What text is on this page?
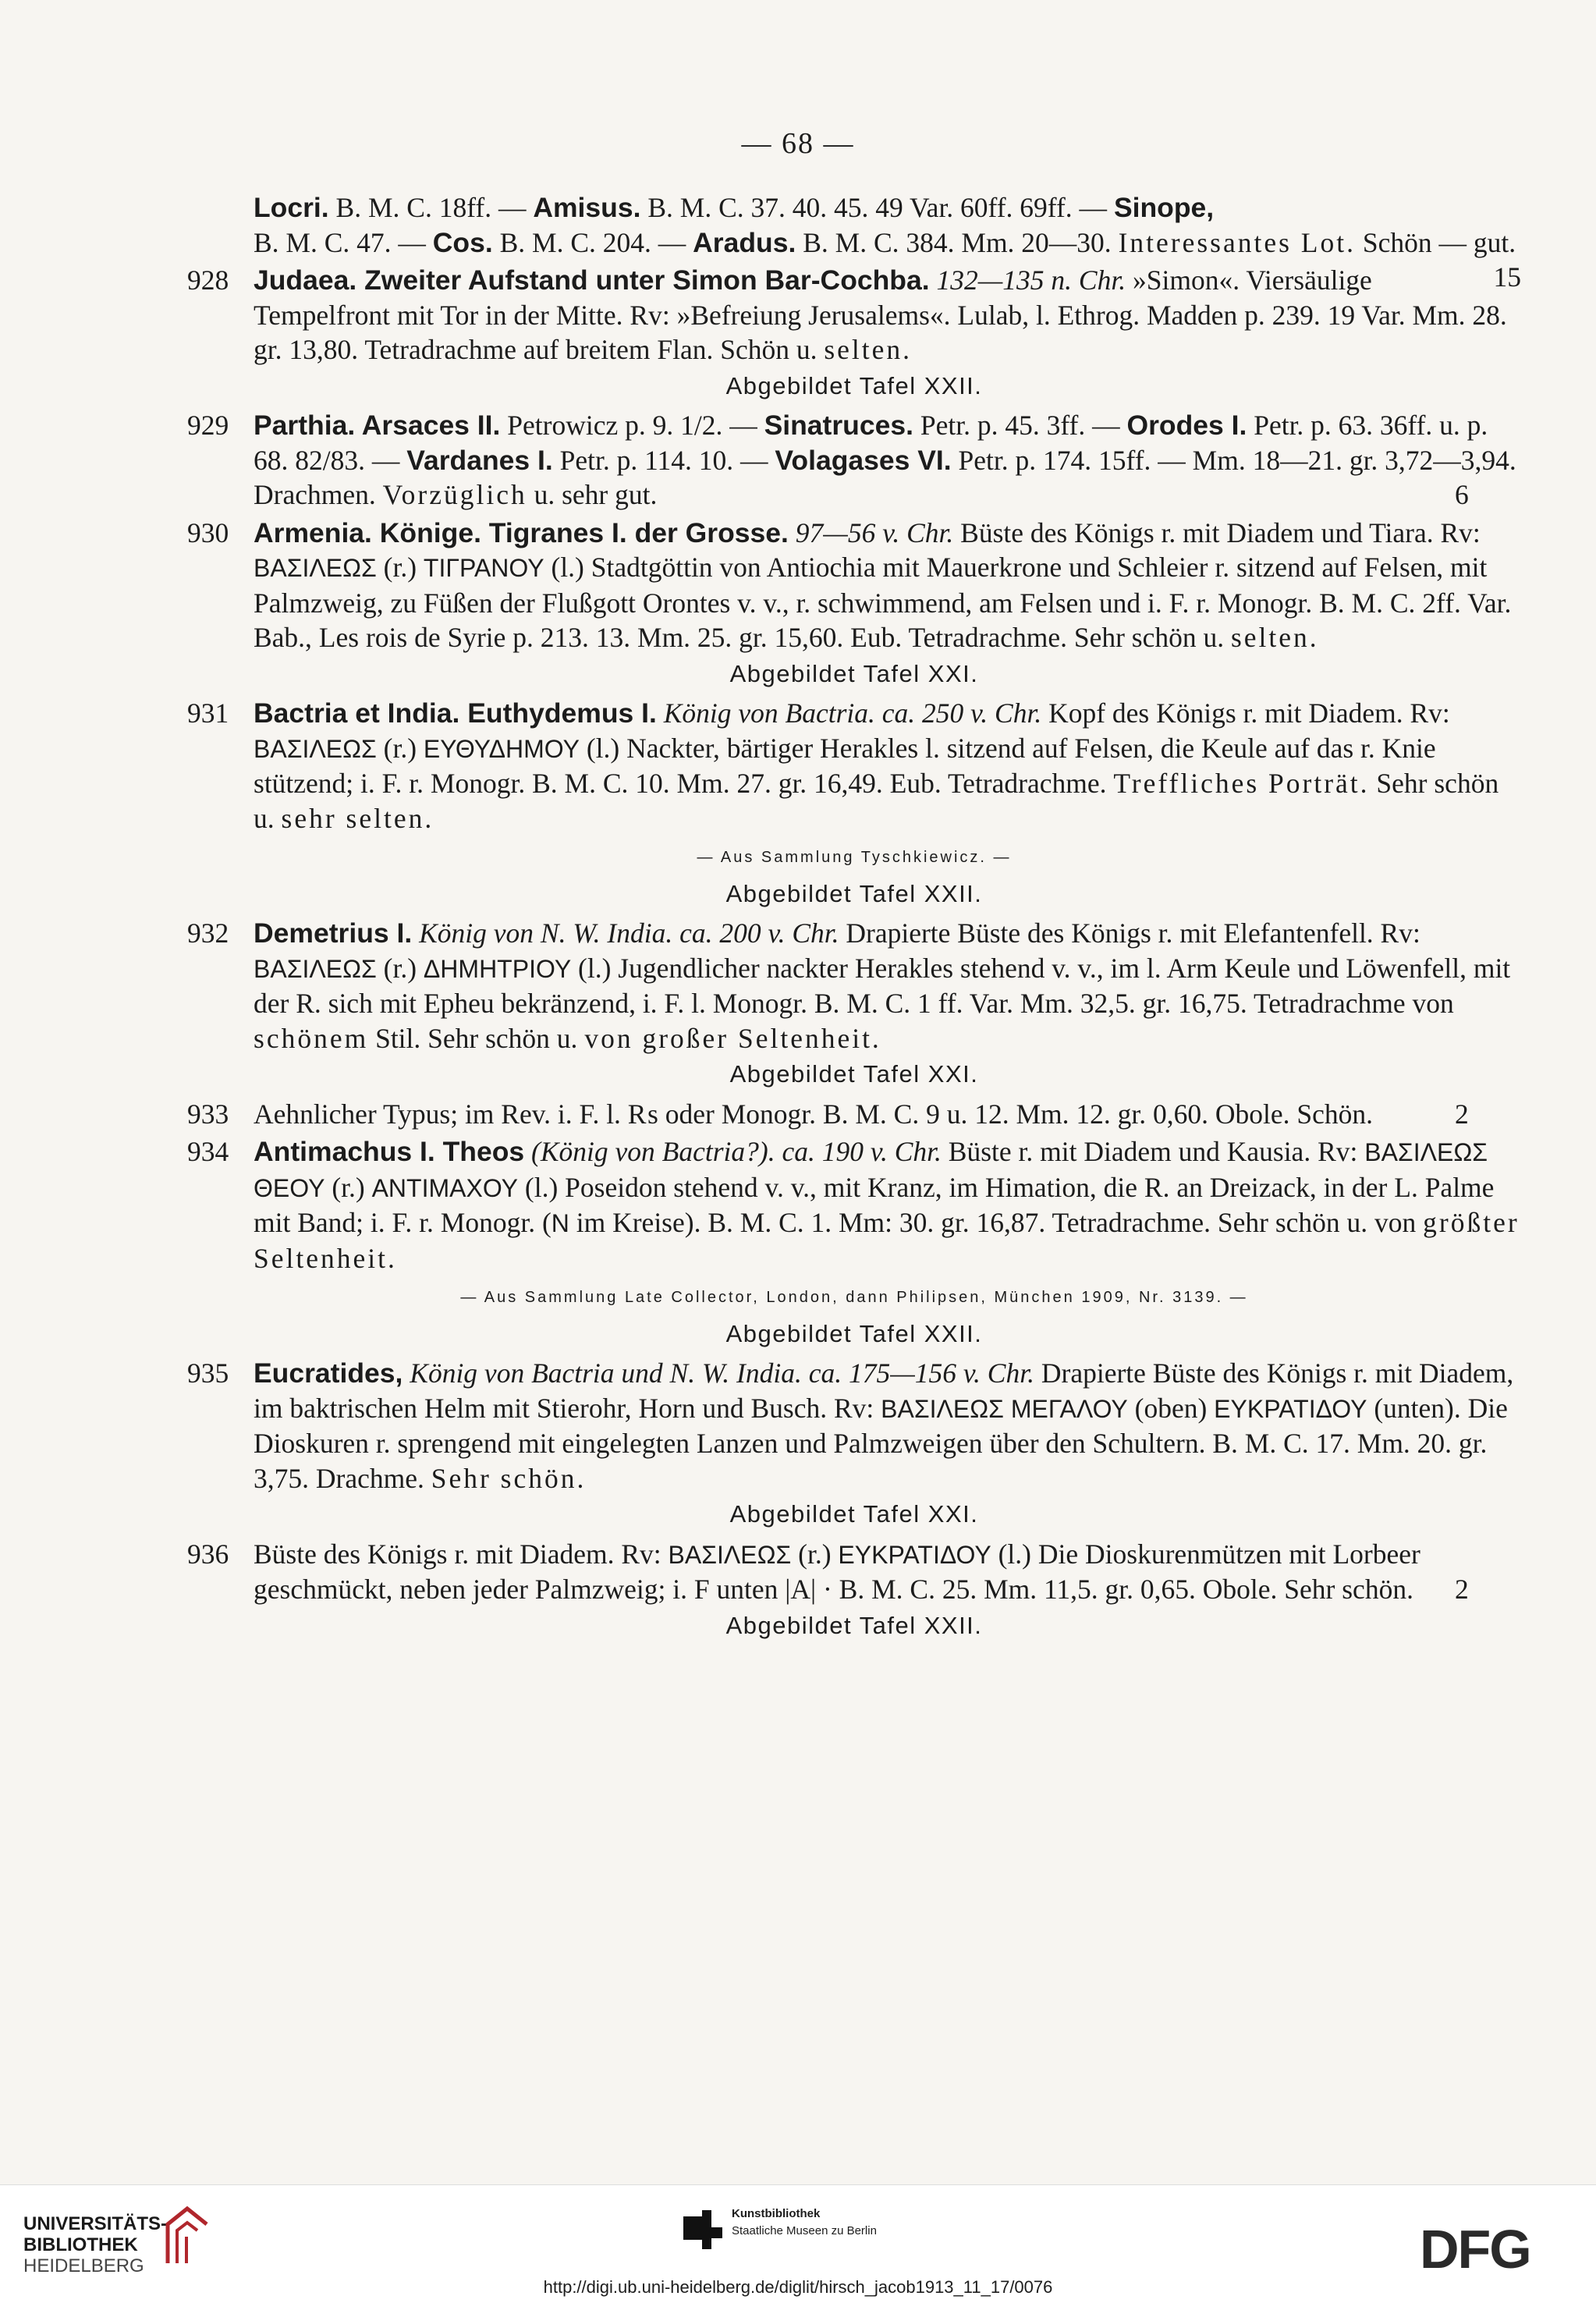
— 68 —
Locri. B. M. C. 18ff. — Amisus. B. M. C. 37. 40. 45. 49 Var. 60ff. 69ff. — Sinope,
B. M. C. 47. — Cos. B. M. C. 204. — Aradus. B. M. C. 384. Mm. 20—30. Interessantes Lot. Schön — gut.
15
928 Judaea. Zweiter Aufstand unter Simon Bar-Cochba. 132—135 n. Chr. »Simon«. Viersäulige Tempelfront mit Tor in der Mitte. Rv: »Befreiung Jerusalems«. Lulab, l. Ethrog. Madden p. 239. 19 Var. Mm. 28. gr. 13,80. Tetradrachme auf breitem Flan. Schön u. selten.
Abgebildet Tafel XXII.
929 Parthia. Arsaces II. Petrowicz p. 9. 1/2. — Sinatruces. Petr. p. 45. 3ff. — Orodes I. Petr. p. 63. 36ff. u. p. 68. 82/83. — Vardanes I. Petr. p. 114. 10. — Volagases VI. Petr. p. 174. 15ff. — Mm. 18—21. gr. 3,72—3,94. Drachmen. Vorzüglich u. sehr gut.	6
930 Armenia. Könige. Tigranes I. der Grosse. 97—56 v. Chr. Büste des Königs r. mit Diadem und Tiara. Rv: ΒΑΣΙΛΕΩΣ (r.) ΤΙΓΡΑΝΟΥ (l.) Stadtgöttin von Antiochia mit Mauerkrone und Schleier r. sitzend auf Felsen, mit Palmzweig, zu Füßen der Flußgott Orontes v. v., r. schwimmend, am Felsen und i. F. r. Monogr. B. M. C. 2ff. Var. Bab., Les rois de Syrie p. 213. 13. Mm. 25. gr. 15,60. Eub. Tetradrachme. Sehr schön u. selten.
Abgebildet Tafel XXI.
931 Bactria et India. Euthydemus I. König von Bactria. ca. 250 v. Chr. Kopf des Königs r. mit Diadem. Rv: ΒΑΣΙΛΕΩΣ (r.) ΕΥΘΥΔΗΜΟΥ (l.) Nackter, bärtiger Herakles l. sitzend auf Felsen, die Keule auf das r. Knie stützend; i. F. r. Monogr. B. M. C. 10. Mm. 27. gr. 16,49. Eub. Tetradrachme. Treffliches Porträt. Sehr schön u. sehr selten.
— Aus Sammlung Tyschkiewicz. —
Abgebildet Tafel XXII.
932 Demetrius I. König von N. W. India. ca. 200 v. Chr. Drapierte Büste des Königs r. mit Elefantenfell. Rv: ΒΑΣΙΛΕΩΣ (r.) ΔΗΜΗΤΡΙΟΥ (l.) Jugendlicher nackter Herakles stehend v. v., im l. Arm Keule und Löwenfell, mit der R. sich mit Epheu bekränzend, i. F. l. Monogr. B. M. C. 1 ff. Var. Mm. 32,5. gr. 16,75. Tetradrachme von schönem Stil. Sehr schön u. von großer Seltenheit.
Abgebildet Tafel XXI.
933 Aehnlicher Typus; im Rev. i. F. l. ₨ oder Monogr. B. M. C. 9 u. 12. Mm. 12. gr. 0,60. Obole. Schön.	2
934 Antimachus I. Theos (König von Bactria?). ca. 190 v. Chr. Büste r. mit Diadem und Kausia. Rv: ΒΑΣΙΛΕΩΣ ΘΕΟΥ (r.) ΑΝΤΙΜΑΧΟΥ (l.) Poseidon stehend v. v., mit Kranz, im Himation, die R. an Dreizack, in der L. Palme mit Band; i. F. r. Monogr. (N im Kreise). B. M. C. 1. Mm: 30. gr. 16,87. Tetradrachme. Sehr schön u. von größter Seltenheit.
— Aus Sammlung Late Collector, London, dann Philipsen, München 1909, Nr. 3139. —
Abgebildet Tafel XXII.
935 Eucratides, König von Bactria und N. W. India. ca. 175—156 v. Chr. Drapierte Büste des Königs r. mit Diadem, im baktrischen Helm mit Stierohr, Horn und Busch. Rv: ΒΑΣΙΛΕΩΣ ΜΕΓΑΛΟΥ (oben) ΕΥΚΡΑΤΙΔΟΥ (unten). Die Dioskuren r. sprengend mit eingelegten Lanzen und Palmzweigen über den Schultern. B. M. C. 17. Mm. 20. gr. 3,75. Drachme. Sehr schön.
Abgebildet Tafel XXI.
936 Büste des Königs r. mit Diadem. Rv: ΒΑΣΙΛΕΩΣ (r.) ΕΥΚΡΑΤΙΔΟΥ (l.) Die Dioskurenmützen mit Lorbeer geschmückt, neben jeder Palmzweig; i. F unten |A| · B. M. C. 25. Mm. 11,5. gr. 0,65. Obole. Sehr schön. 2
Abgebildet Tafel XXII.
UNIVERSITÄTS-
BIBLIOTHEK
HEIDELBERG
Kunstbibliothek
Staatliche Museen zu Berlin	DFG
http://digi.ub.uni-heidelberg.de/diglit/hirsch_jacob1913_11_17/0076
